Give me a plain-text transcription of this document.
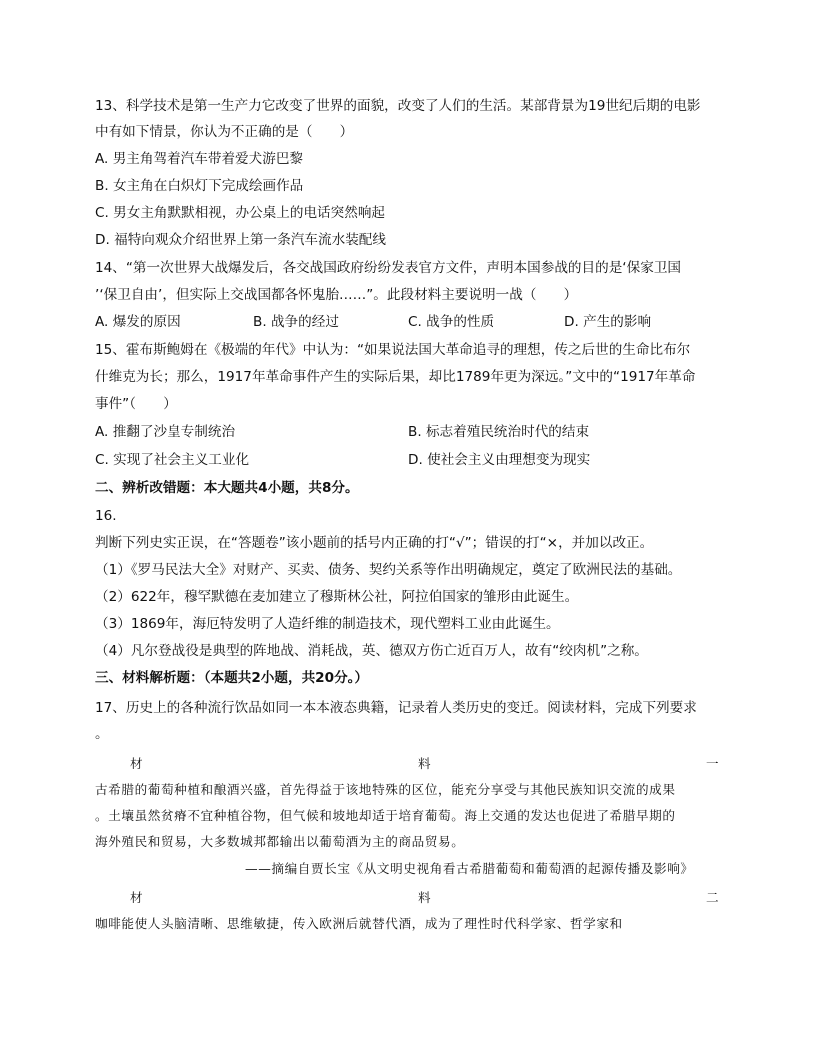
13、科学技术是第一生产力它改变了世界的面貌，改变了人们的生活。某部背景为19世纪后期的电影
中有如下情景，你认为不正确的是（　　）
A. 男主角驾着汽车带着爱犬游巴黎
B. 女主角在白炽灯下完成绘画作品
C. 男女主角默默相视，办公桌上的电话突然响起
D. 福特向观众介绍世界上第一条汽车流水装配线
14、“第一次世界大战爆发后，各交战国政府纷纷发表官方文件，声明本国参战的目的是‘保家卫国
’‘保卫自由’，但实际上交战国都各怀鬼胎……”。此段材料主要说明一战（　　）
A. 爆发的原因	B. 战争的经过	C. 战争的性质	D. 产生的影响
15、霍布斯鲍姆在《极端的年代》中认为：“如果说法国大革命追寻的理想，传之后世的生命比布尔
什维克为长；那么，1917年革命事件产生的实际后果，却比1789年更为深远。”文中的“1917年革命
事件”（　　）
A. 推翻了沙皇专制统治	B. 标志着殖民统治时代的结束
C. 实现了社会主义工业化	D. 使社会主义由理想变为现实
二、辨析改错题：本大题共4小题，共8分。
16.
判断下列史实正误，在“答题卷”该小题前的括号内正确的打“√”；错误的打“×，并加以改正。
（1）《罗马民法大全》对财产、买卖、债务、契约关系等作出明确规定，奠定了欧洲民法的基础。
（2）622年，穆罕默德在麦加建立了穆斯林公社，阿拉伯国家的雏形由此诞生。
（3）1869年，海厄特发明了人造纤维的制造技术，现代塑料工业由此诞生。
（4）凡尔登战役是典型的阵地战、消耗战，英、德双方伤亡近百万人，故有“绞肉机”之称。
三、材料解析题：（本题共2小题，共20分。）
17、历史上的各种流行饮品如同一本本液态典籍，记录着人类历史的变迁。阅读材料，完成下列要求
。
材	料	一
古希腊的葡萄种植和酿酒兴盛，首先得益于该地特殊的区位，能充分享受与其他民族知识交流的成果
。土壤虽然贫瘠不宜种植谷物，但气候和坡地却适于培育葡萄。海上交通的发达也促进了希腊早期的
海外殖民和贸易，大多数城邦都输出以葡萄酒为主的商品贸易。
——摘编自贾长宝《从文明史视角看古希腊葡萄和葡萄酒的起源传播及影响》
材	料	二
咖啡能使人头脑清晰、思维敏捷，传入欧洲后就替代酒，成为了理性时代科学家、哲学家和
